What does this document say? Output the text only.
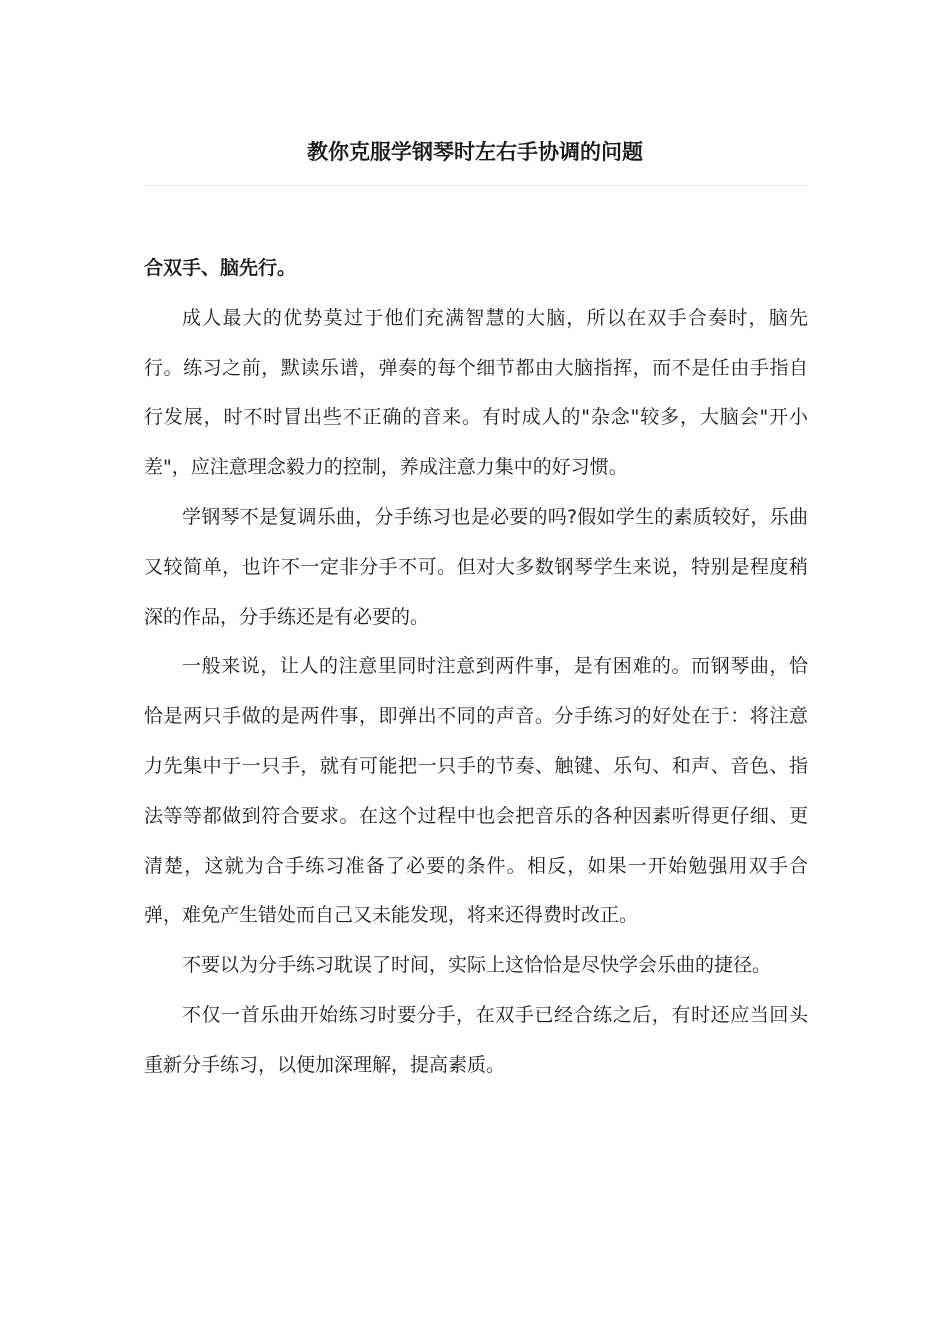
教你克服学钢琴时左右手协调的问题

合双手、脑先行。

成人最大的优势莫过于他们充满智慧的大脑，所以在双手合奏时，脑先行。练习之前，默读乐谱，弹奏的每个细节都由大脑指挥，而不是任由手指自行发展，时不时冒出些不正确的音来。有时成人的"杂念"较多，大脑会"开小差"，应注意理念毅力的控制，养成注意力集中的好习惯。

学钢琴不是复调乐曲，分手练习也是必要的吗?假如学生的素质较好，乐曲又较简单，也许不一定非分手不可。但对大多数钢琴学生来说，特别是程度稍深的作品，分手练还是有必要的。

一般来说，让人的注意里同时注意到两件事，是有困难的。而钢琴曲，恰恰是两只手做的是两件事，即弹出不同的声音。分手练习的好处在于：将注意力先集中于一只手，就有可能把一只手的节奏、触键、乐句、和声、音色、指法等等都做到符合要求。在这个过程中也会把音乐的各种因素听得更仔细、更清楚，这就为合手练习准备了必要的条件。相反，如果一开始勉强用双手合弹，难免产生错处而自己又未能发现，将来还得费时改正。

不要以为分手练习耽误了时间，实际上这恰恰是尽快学会乐曲的捷径。

不仅一首乐曲开始练习时要分手，在双手已经合练之后，有时还应当回头重新分手练习，以便加深理解，提高素质。
